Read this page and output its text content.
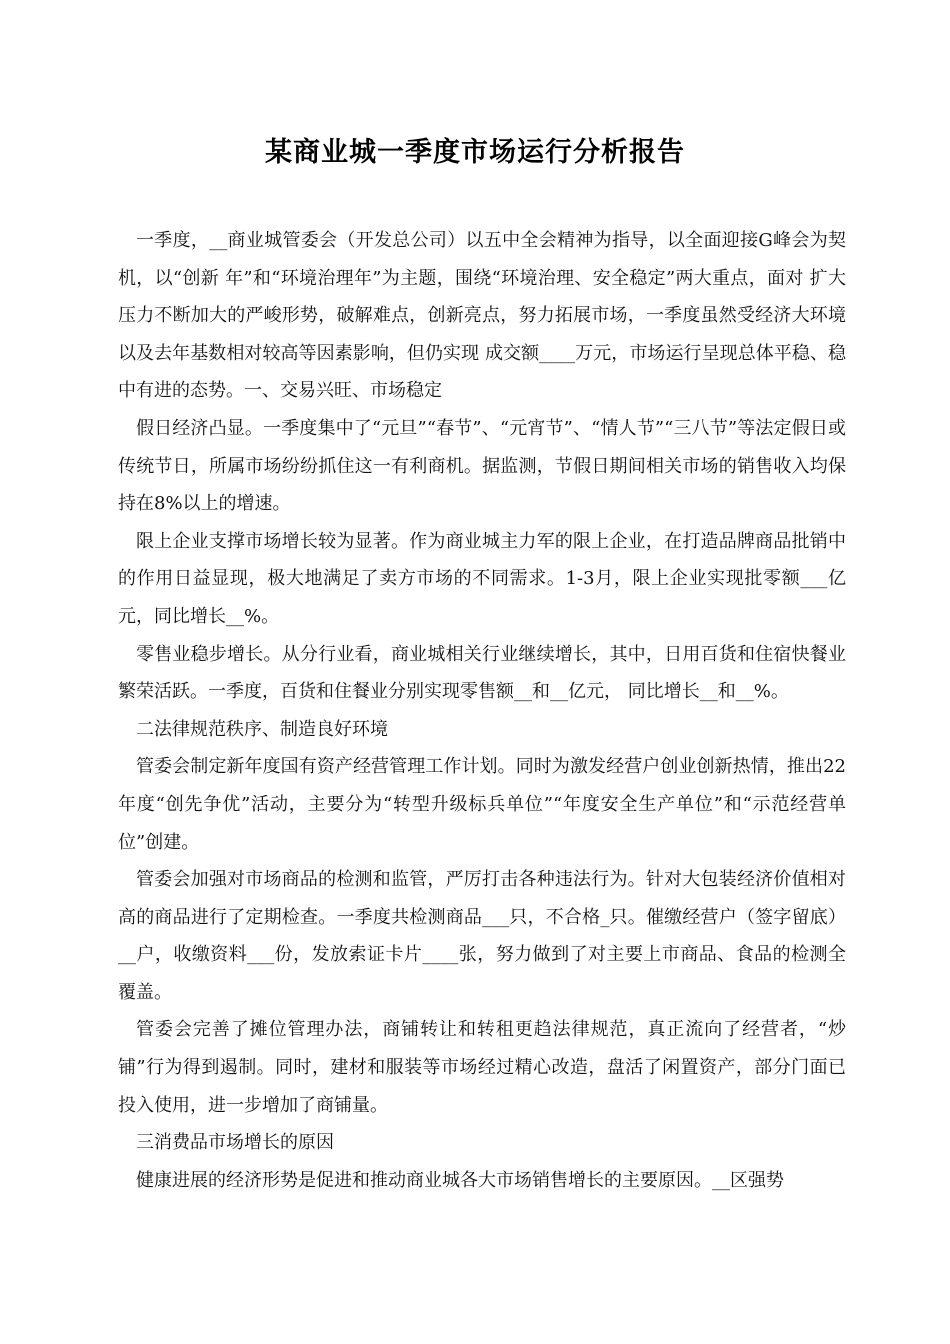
某商业城一季度市场运行分析报告

一季度，__商业城管委会（开发总公司）以五中全会精神为指导，以全面迎接G峰会为契机，以“创新 年”和“环境治理年”为主题，围绕“环境治理、安全稳定”两大重点，面对 扩大 压力不断加大的严峻形势，破解难点，创新亮点，努力拓展市场，一季度虽然受经济大环境以及去年基数相对较高等因素影响，但仍实现 成交额____万元，市场运行呈现总体平稳、稳中有进的态势。一、交易兴旺、市场稳定

假日经济凸显。一季度集中了“元旦”“春节”、“元宵节”、“情人节”“三八节”等法定假日或传统节日，所属市场纷纷抓住这一有利商机。据监测，节假日期间相关市场的销售收入均保持在8%以上的增速。

限上企业支撑市场增长较为显著。作为商业城主力军的限上企业，在打造品牌商品批销中的作用日益显现，极大地满足了卖方市场的不同需求。1-3月，限上企业实现批零额___亿元，同比增长__%。

零售业稳步增长。从分行业看，商业城相关行业继续增长，其中，日用百货和住宿快餐业繁荣活跃。一季度，百货和住餐业分别实现零售额__和__亿元， 同比增长__和__%。

二法律规范秩序、制造良好环境

管委会制定新年度国有资产经营管理工作计划。同时为激发经营户创业创新热情，推出22年度“创先争优”活动，主要分为“转型升级标兵单位”“年度安全生产单位”和“示范经营单位”创建。

管委会加强对市场商品的检测和监管，严厉打击各种违法行为。针对大包装经济价值相对高的商品进行了定期检查。一季度共检测商品___只，不合格_只。催缴经营户（签字留底）__户，收缴资料___份，发放索证卡片____张，努力做到了对主要上市商品、食品的检测全覆盖。

管委会完善了摊位管理办法，商铺转让和转租更趋法律规范，真正流向了经营者，“炒铺”行为得到遏制。同时，建材和服装等市场经过精心改造，盘活了闲置资产，部分门面已投入使用，进一步增加了商铺量。

三消费品市场增长的原因

健康进展的经济形势是促进和推动商业城各大市场销售增长的主要原因。__区强势
